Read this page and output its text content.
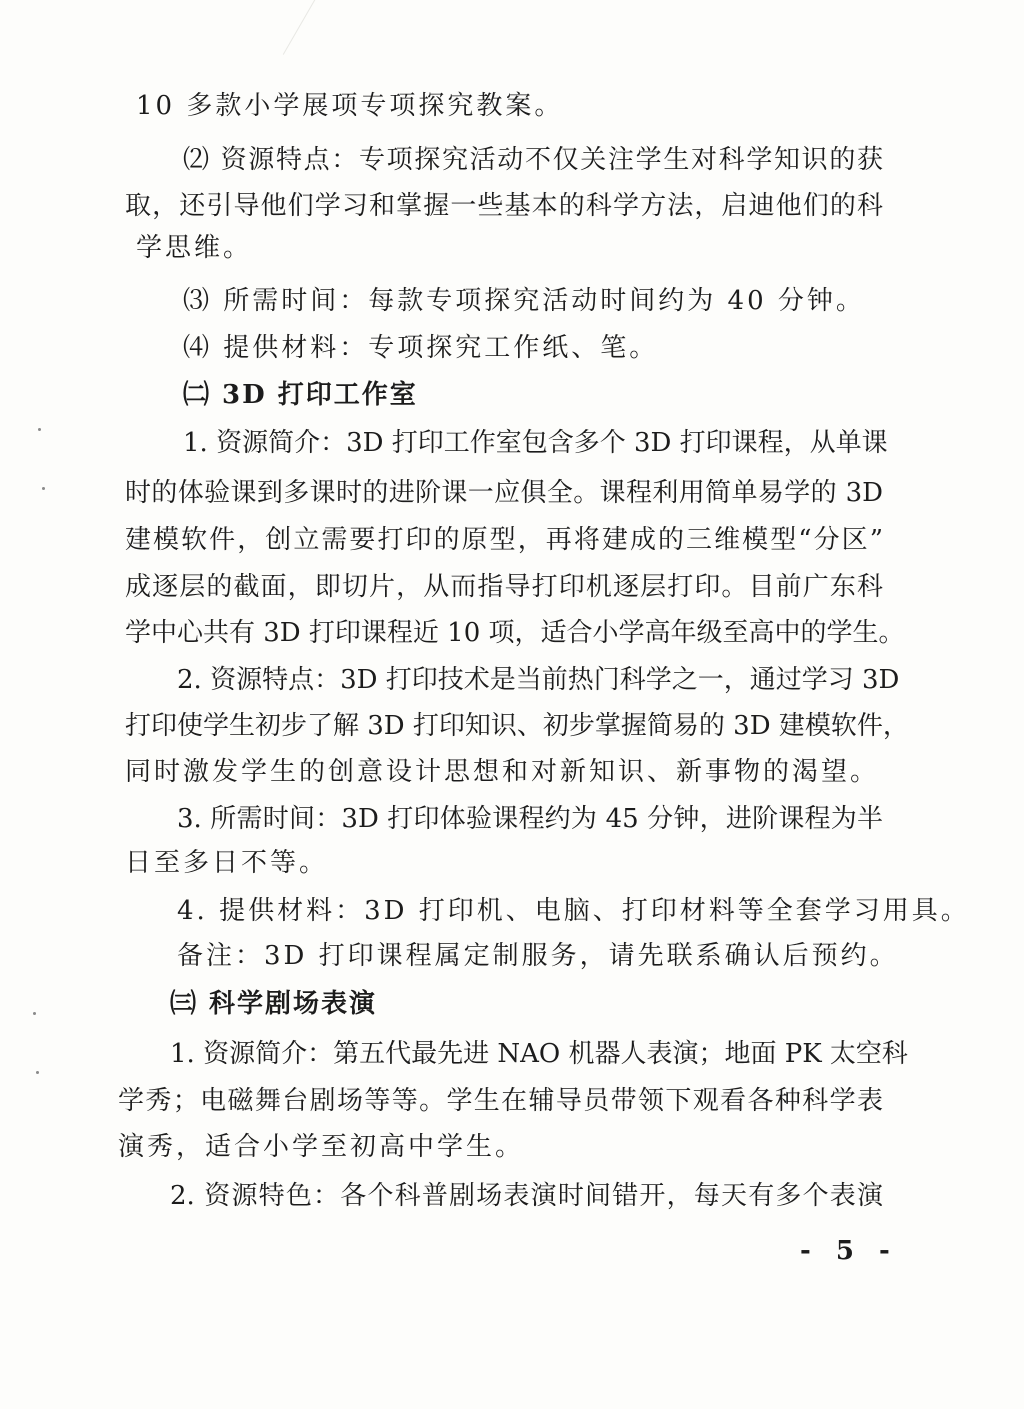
10 多款小学展项专项探究教案。
⑵ 资源特点：专项探究活动不仅关注学生对科学知识的获
取，还引导他们学习和掌握一些基本的科学方法，启迪他们的科
学思维。
⑶ 所需时间：每款专项探究活动时间约为 40 分钟。
⑷ 提供材料：专项探究工作纸、笔。
㈡ 3D 打印工作室
1. 资源简介：3D 打印工作室包含多个 3D 打印课程，从单课
时的体验课到多课时的进阶课一应俱全。课程利用简单易学的 3D
建模软件，创立需要打印的原型，再将建成的三维模型“分区”
成逐层的截面，即切片，从而指导打印机逐层打印。目前广东科
学中心共有 3D 打印课程近 10 项，适合小学高年级至高中的学生。
2. 资源特点：3D 打印技术是当前热门科学之一，通过学习 3D
打印使学生初步了解 3D 打印知识、初步掌握简易的 3D 建模软件，
同时激发学生的创意设计思想和对新知识、新事物的渴望。
3. 所需时间：3D 打印体验课程约为 45 分钟，进阶课程为半
日至多日不等。
4. 提供材料：3D 打印机、电脑、打印材料等全套学习用具。
备注：3D 打印课程属定制服务，请先联系确认后预约。
㈢ 科学剧场表演
1. 资源简介：第五代最先进 NAO 机器人表演；地面 PK 太空科
学秀；电磁舞台剧场等等。学生在辅导员带领下观看各种科学表
演秀，适合小学至初高中学生。
2. 资源特色：各个科普剧场表演时间错开，每天有多个表演
- 5 -
